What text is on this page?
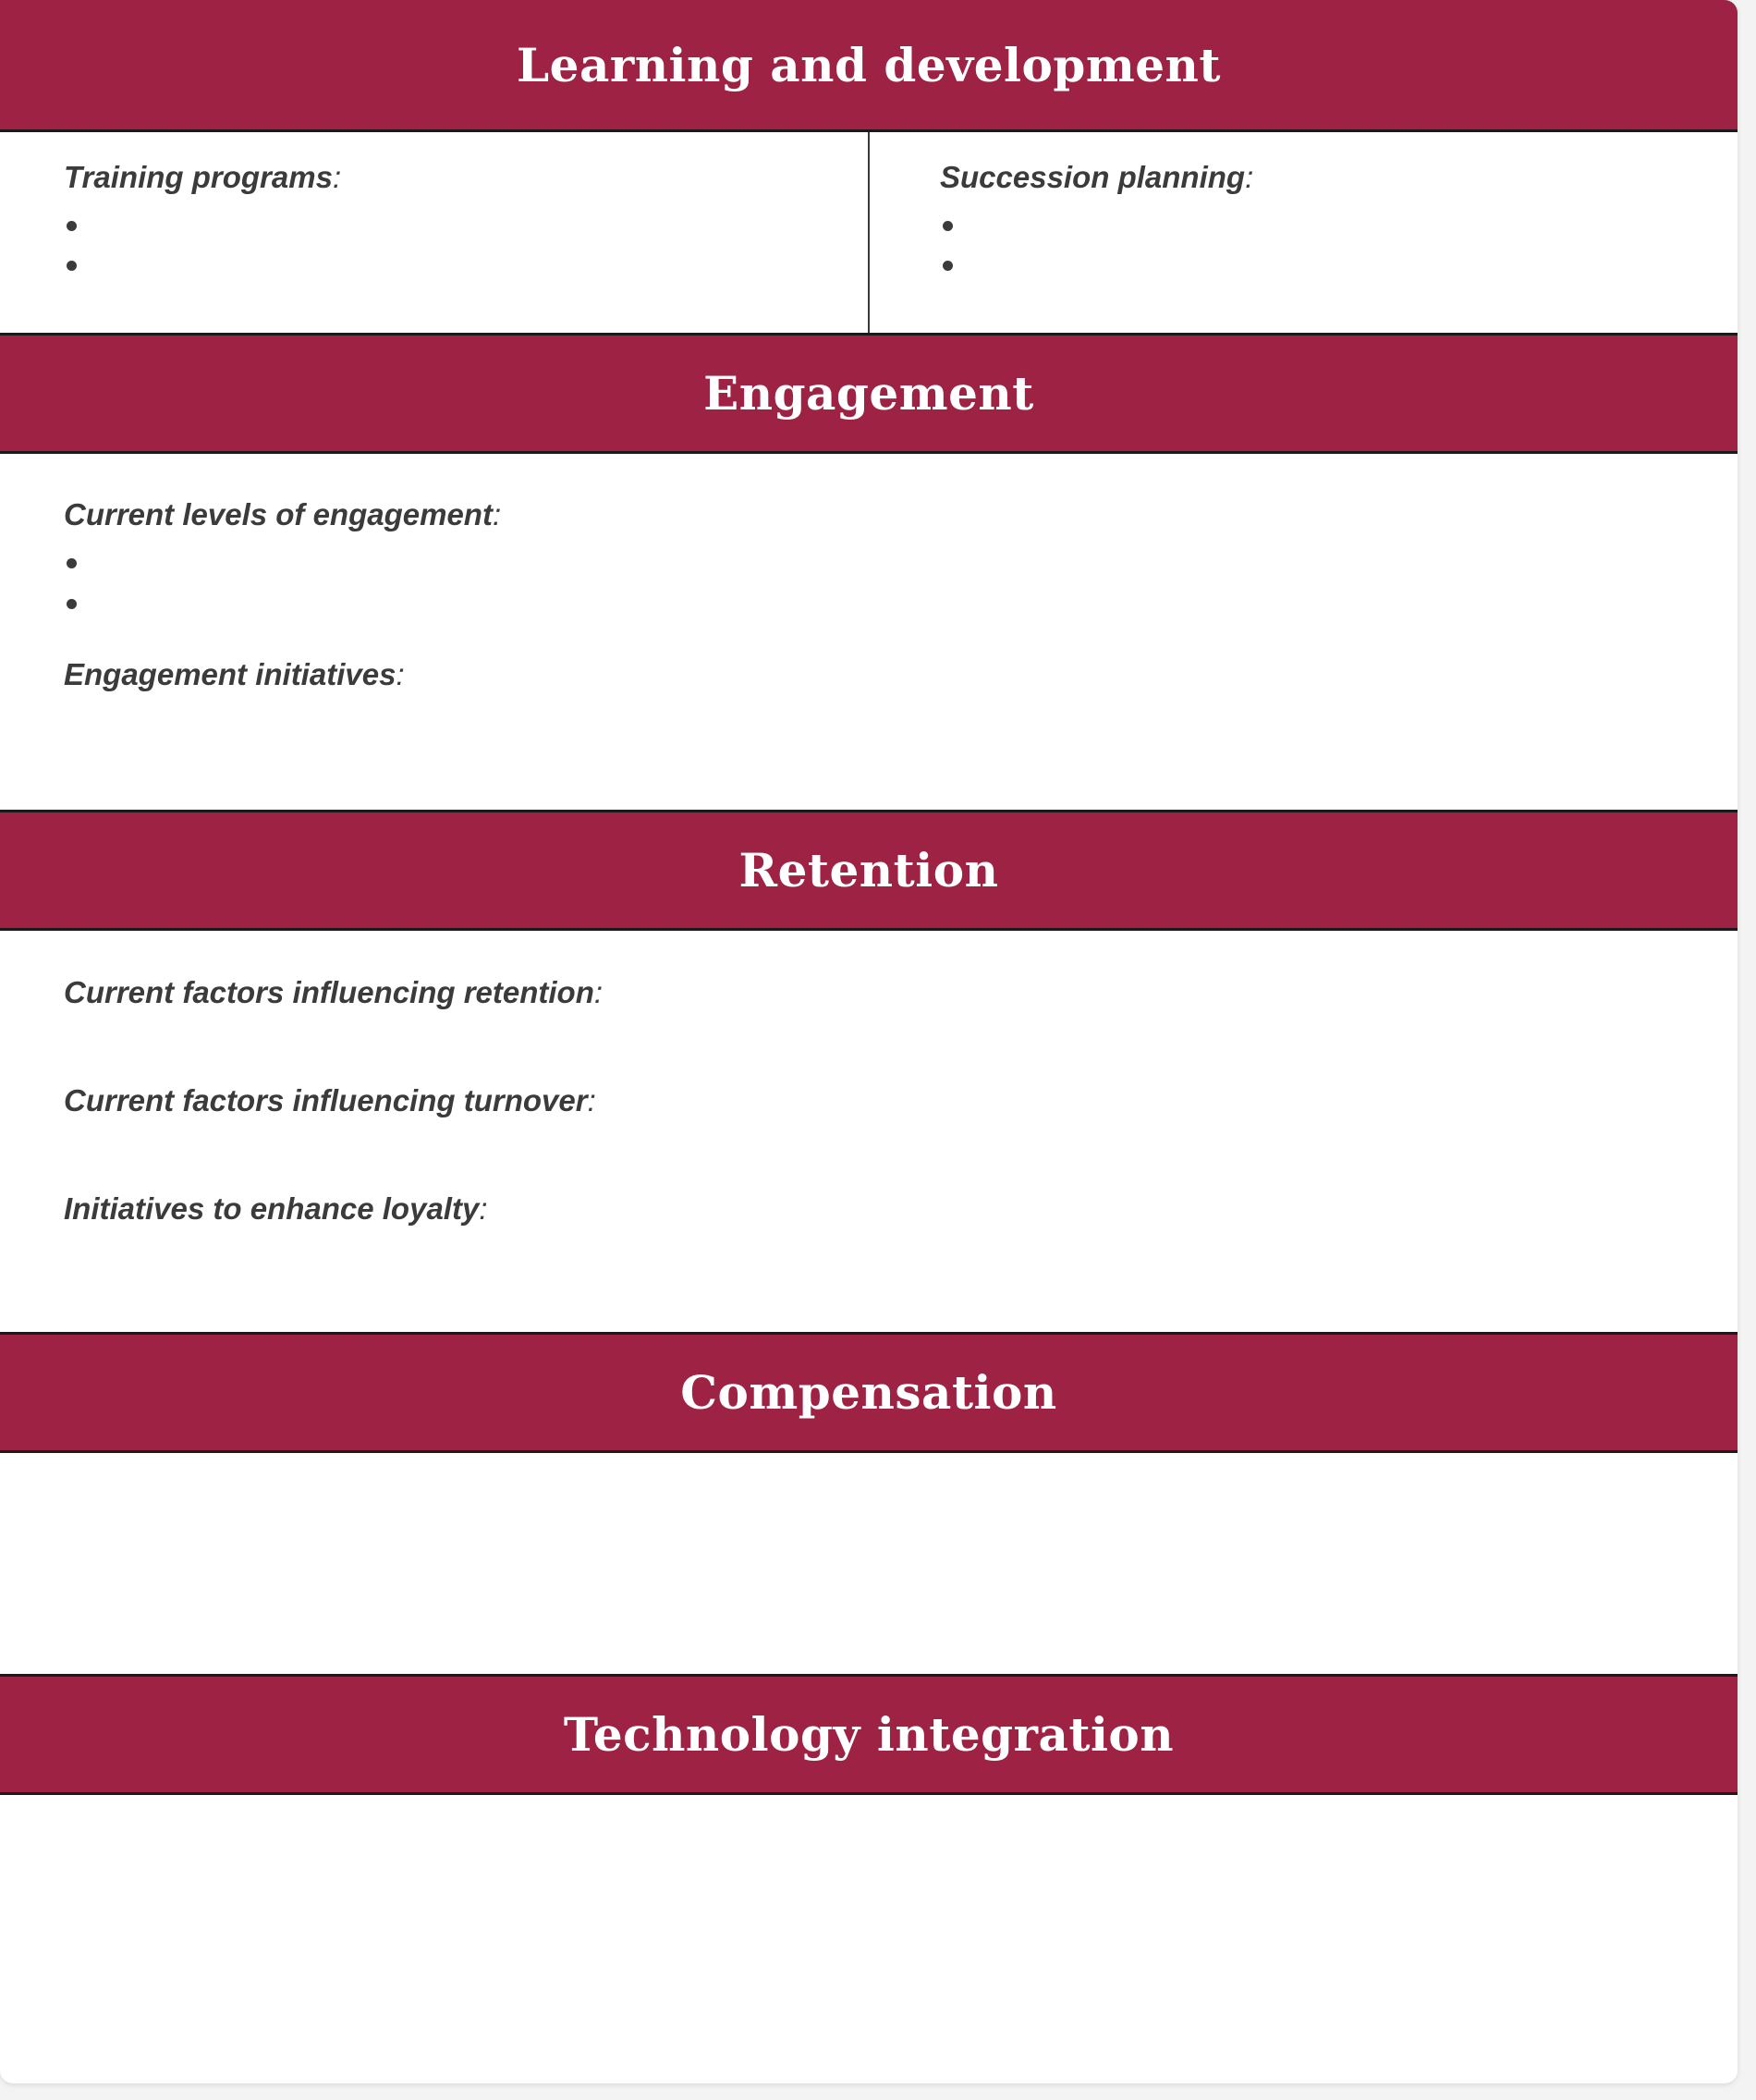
Learning and development
Training programs:	Succession planning:
Engagement
Current levels of engagement:
Engagement initiatives:
Retention
Current factors influencing retention:
Current factors influencing turnover:
Initiatives to enhance loyalty:
Compensation
Technology integration
